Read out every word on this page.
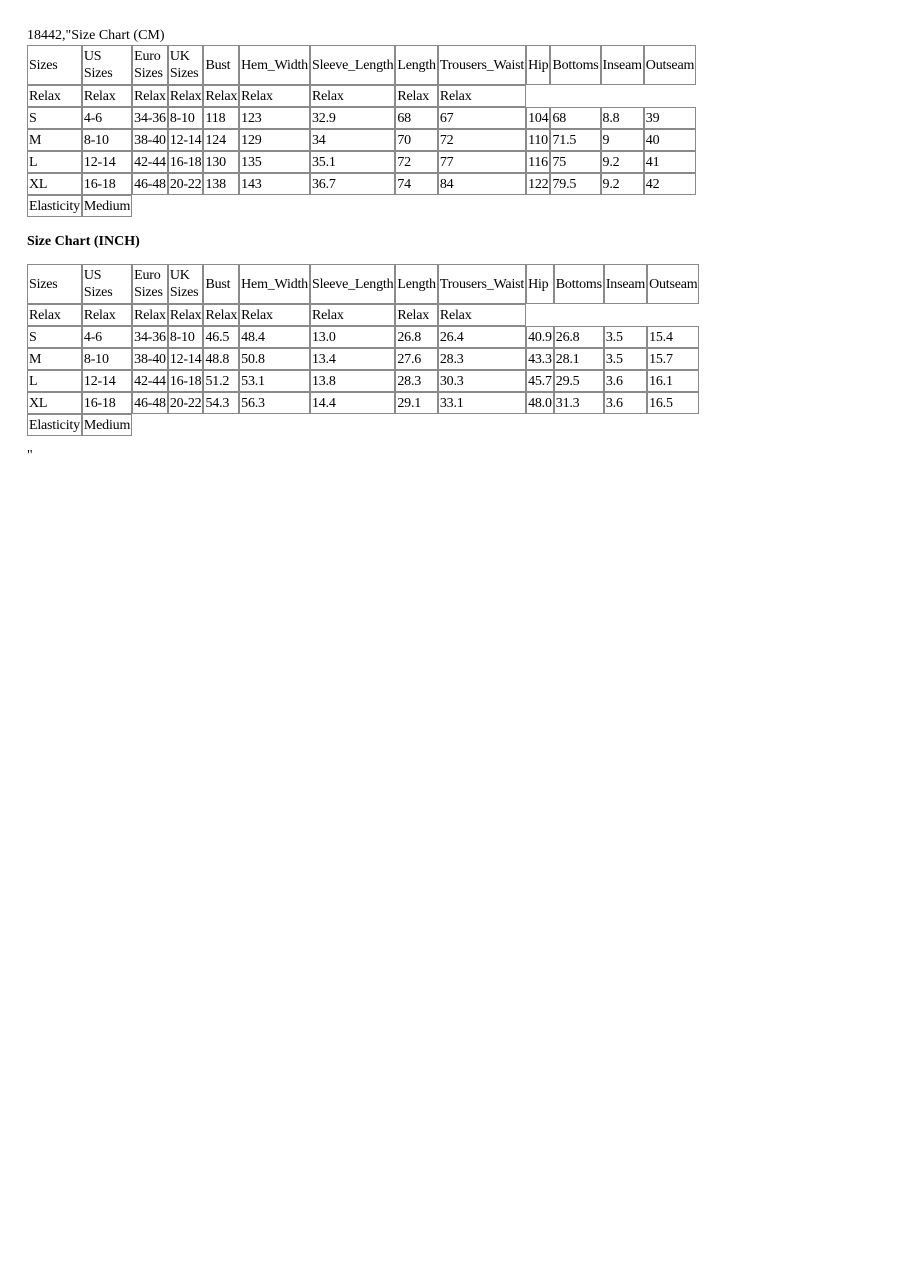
18442,"Size Chart (CM)

Sizes	US Sizes	Euro Sizes	UK Sizes	Bust	Hem_Width	Sleeve_Length	Length	Trousers_Waist	Hip	Bottoms	Inseam	Outseam
Relax	Relax	Relax	Relax	Relax	Relax	Relax	Relax	Relax				
S	4-6	34-36	8-10	118	123	32.9	68	67	104	68	8.8	39
M	8-10	38-40	12-14	124	129	34	70	72	110	71.5	9	40
L	12-14	42-44	16-18	130	135	35.1	72	77	116	75	9.2	41
XL	16-18	46-48	20-22	138	143	36.7	74	84	122	79.5	9.2	42
Elasticity	Medium											

Size Chart (INCH)

Sizes	US Sizes	Euro Sizes	UK Sizes	Bust	Hem_Width	Sleeve_Length	Length	Trousers_Waist	Hip	Bottoms	Inseam	Outseam
Relax	Relax	Relax	Relax	Relax	Relax	Relax	Relax	Relax				
S	4-6	34-36	8-10	46.5	48.4	13.0	26.8	26.4	40.9	26.8	3.5	15.4
M	8-10	38-40	12-14	48.8	50.8	13.4	27.6	28.3	43.3	28.1	3.5	15.7
L	12-14	42-44	16-18	51.2	53.1	13.8	28.3	30.3	45.7	29.5	3.6	16.1
XL	16-18	46-48	20-22	54.3	56.3	14.4	29.1	33.1	48.0	31.3	3.6	16.5
Elasticity	Medium											

"
